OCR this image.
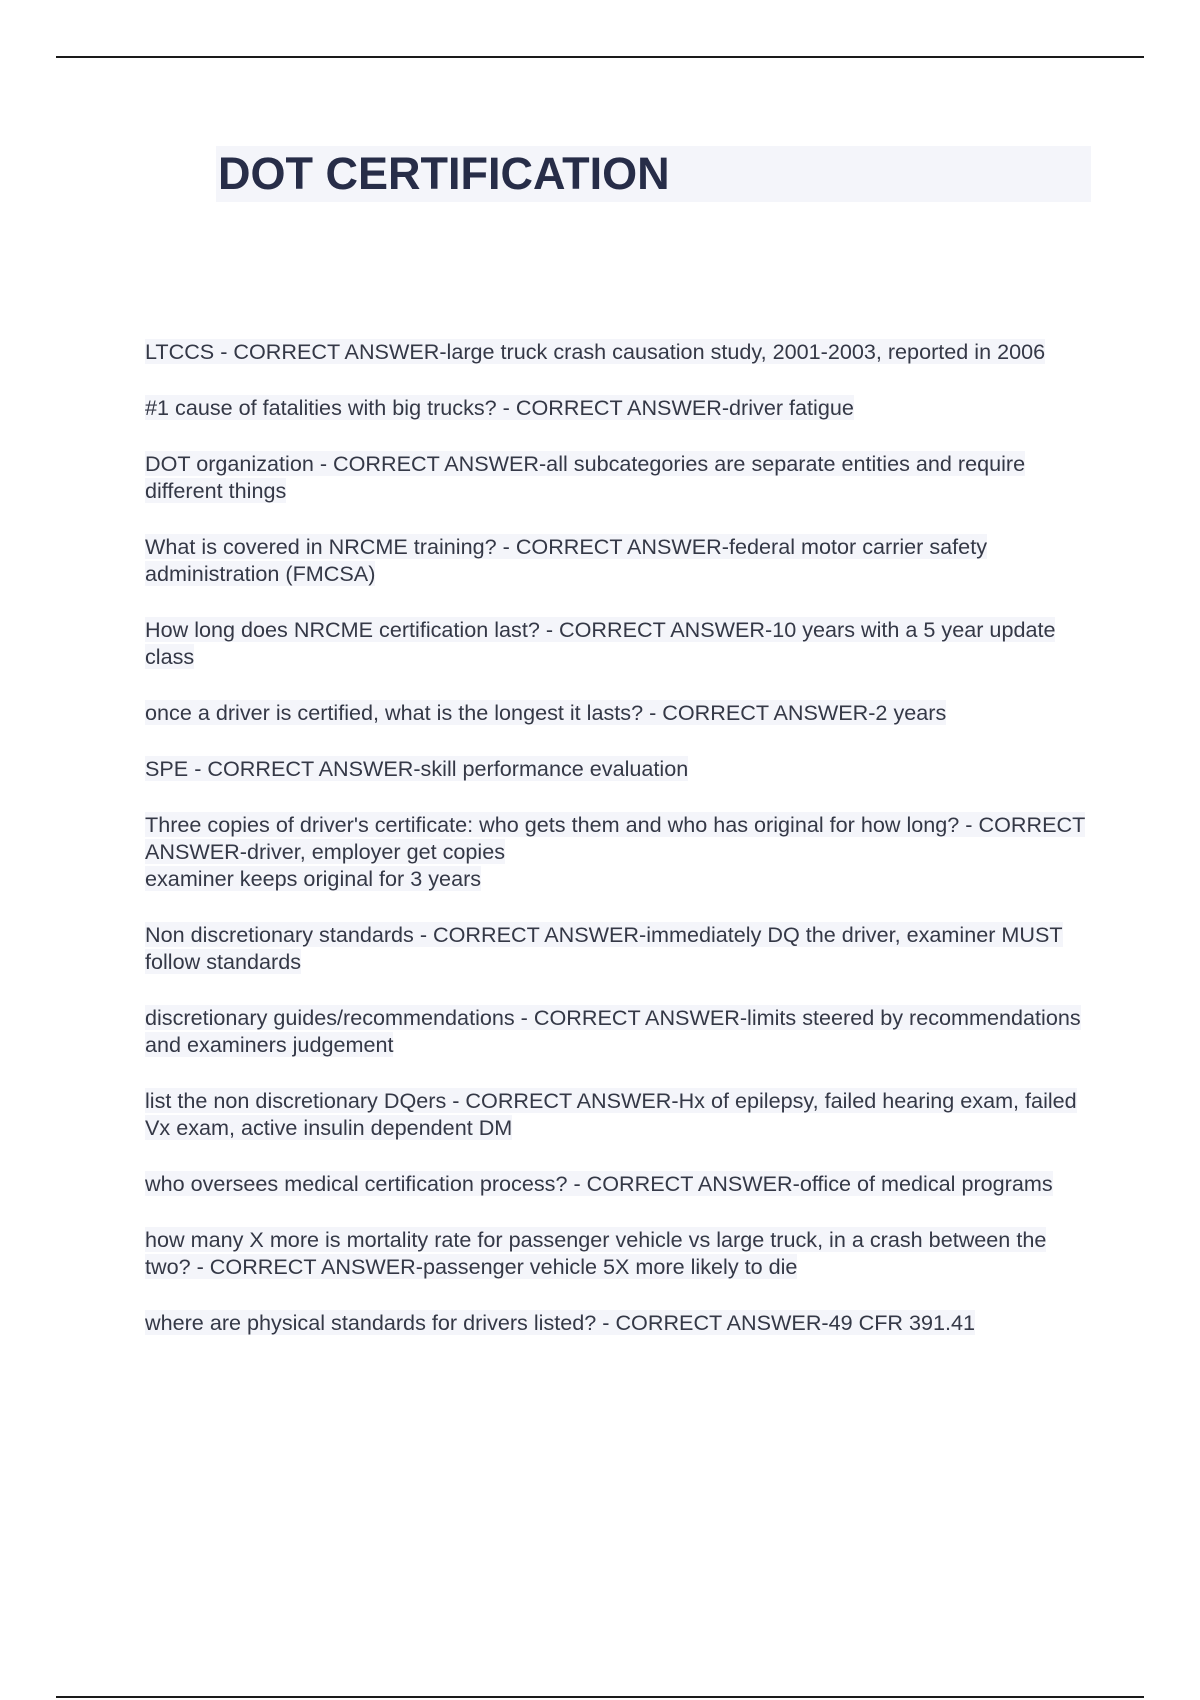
DOT CERTIFICATION
LTCCS - CORRECT ANSWER-large truck crash causation study, 2001-2003, reported in 2006
#1 cause of fatalities with big trucks? - CORRECT ANSWER-driver fatigue
DOT organization - CORRECT ANSWER-all subcategories are separate entities and require different things
What is covered in NRCME training? - CORRECT ANSWER-federal motor carrier safety administration (FMCSA)
How long does NRCME certification last? - CORRECT ANSWER-10 years with a 5 year update class
once a driver is certified, what is the longest it lasts? - CORRECT ANSWER-2 years
SPE - CORRECT ANSWER-skill performance evaluation
Three copies of driver's certificate: who gets them and who has original for how long? - CORRECT ANSWER-driver, employer get copies
examiner keeps original for 3 years
Non discretionary standards - CORRECT ANSWER-immediately DQ the driver, examiner MUST follow standards
discretionary guides/recommendations - CORRECT ANSWER-limits steered by recommendations and examiners judgement
list the non discretionary DQers - CORRECT ANSWER-Hx of epilepsy, failed hearing exam, failed Vx exam, active insulin dependent DM
who oversees medical certification process? - CORRECT ANSWER-office of medical programs
how many X more is mortality rate for passenger vehicle vs large truck, in a crash between the two? - CORRECT ANSWER-passenger vehicle 5X more likely to die
where are physical standards for drivers listed? - CORRECT ANSWER-49 CFR 391.41
